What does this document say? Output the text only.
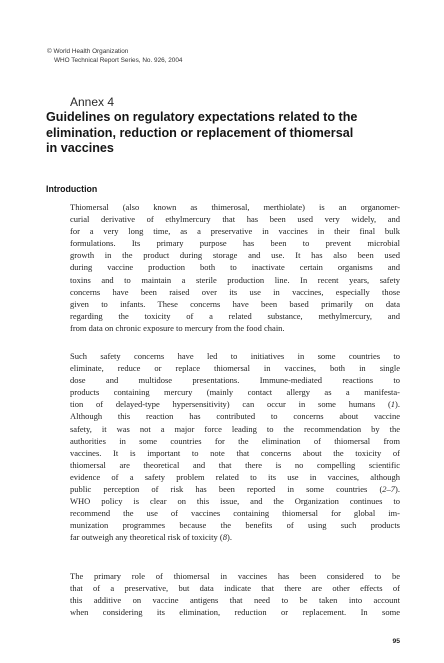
© World Health Organization
WHO Technical Report Series, No. 926, 2004
Annex 4
Guidelines on regulatory expectations related to the
elimination, reduction or replacement of thiomersal
in vaccines
Introduction
Thiomersal (also known as thimerosal, merthiolate) is an organomer-
curial derivative of ethylmercury that has been used very widely, and
for a very long time, as a preservative in vaccines in their final bulk
formulations. Its primary purpose has been to prevent microbial
growth in the product during storage and use. It has also been used
during vaccine production both to inactivate certain organisms and
toxins and to maintain a sterile production line. In recent years, safety
concerns have been raised over its use in vaccines, especially those
given to infants. These concerns have been based primarily on data
regarding the toxicity of a related substance, methylmercury, and
from data on chronic exposure to mercury from the food chain.
Such safety concerns have led to initiatives in some countries to
eliminate, reduce or replace thiomersal in vaccines, both in single
dose and multidose presentations. Immune-mediated reactions to
products containing mercury (mainly contact allergy as a manifesta-
tion of delayed-type hypersensitivity) can occur in some humans (1).
Although this reaction has contributed to concerns about vaccine
safety, it was not a major force leading to the recommendation by the
authorities in some countries for the elimination of thiomersal from
vaccines. It is important to note that concerns about the toxicity of
thiomersal are theoretical and that there is no compelling scientific
evidence of a safety problem related to its use in vaccines, although
public perception of risk has been reported in some countries (2–7).
WHO policy is clear on this issue, and the Organization continues to
recommend the use of vaccines containing thiomersal for global im-
munization programmes because the benefits of using such products
far outweigh any theoretical risk of toxicity (8).
The primary role of thiomersal in vaccines has been considered to be
that of a preservative, but data indicate that there are other effects of
this additive on vaccine antigens that need to be taken into account
when considering its elimination, reduction or replacement. In some
95
